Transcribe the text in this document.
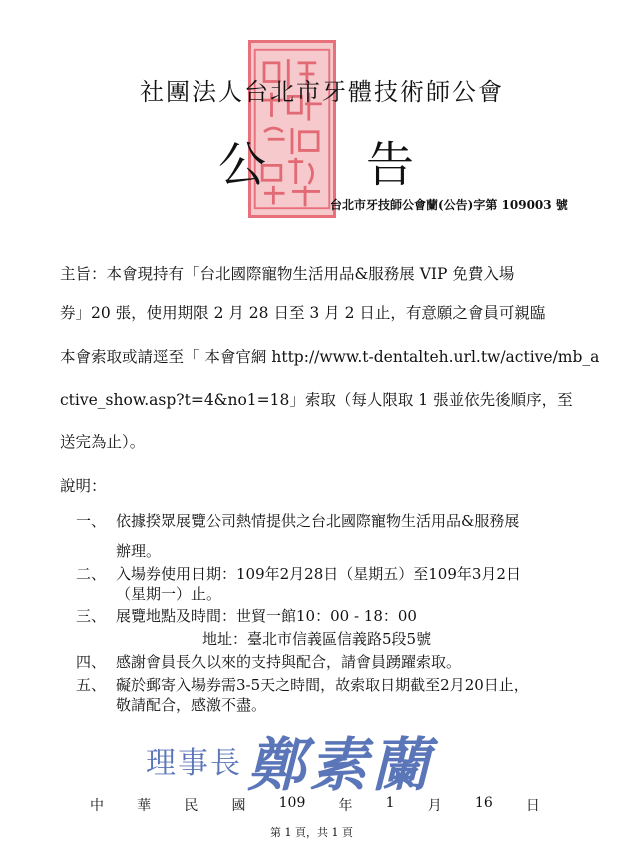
社團法人台北市牙體技術師公會
公 告
台北市牙技師公會蘭(公告)字第 109003 號
主旨：本會現持有「台北國際寵物生活用品&服務展 VIP 免費入場
券」20 張，使用期限 2 月 28 日至 3 月 2 日止，有意願之會員可親臨
本會索取或請逕至「 本會官網 http://www.t-dentalteh.url.tw/active/mb_a
ctive_show.asp?t=4&no1=18」索取（每人限取 1 張並依先後順序，至
送完為止）。
說明：
一、 依據揆眾展覽公司熱情提供之台北國際寵物生活用品&服務展
辦理。
二、 入場券使用日期：109年2月28日（星期五）至109年3月2日
（星期一）止。
三、 展覽地點及時間：世貿一館10：00 - 18：00
地址：臺北市信義區信義路5段5號
四、 感謝會員長久以來的支持與配合，請會員踴躍索取。
五、 礙於郵寄入場券需3-5天之時間，故索取日期截至2月20日止，
敬請配合，感激不盡。
理事長 鄭素蘭
中 華 民 國 109 年 1 月 16 日
第 1 頁，共 1 頁
